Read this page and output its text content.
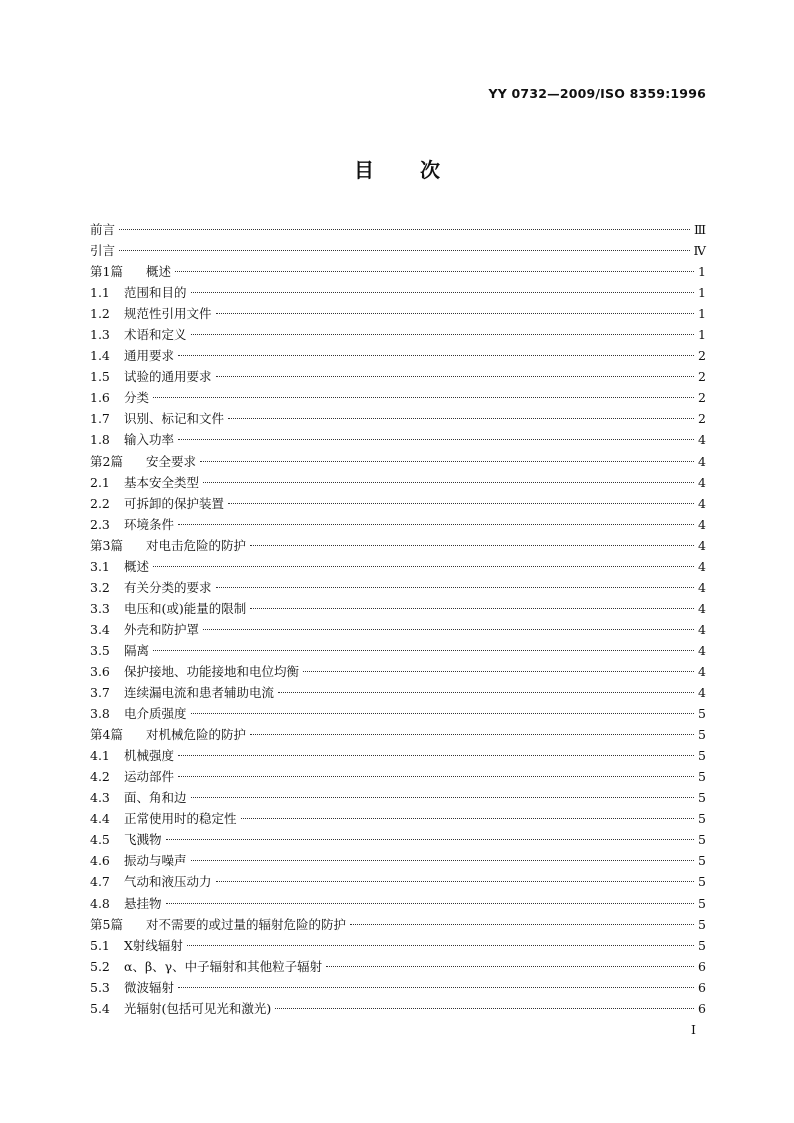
YY 0732—2009/ISO 8359:1996
目次
前言	Ⅲ
引言	Ⅳ
第1篇	概述	1
1.1	范围和目的	1
1.2	规范性引用文件	1
1.3	术语和定义	1
1.4	通用要求	2
1.5	试验的通用要求	2
1.6	分类	2
1.7	识别、标记和文件	2
1.8	输入功率	4
第2篇	安全要求	4
2.1	基本安全类型	4
2.2	可拆卸的保护装置	4
2.3	环境条件	4
第3篇	对电击危险的防护	4
3.1	概述	4
3.2	有关分类的要求	4
3.3	电压和(或)能量的限制	4
3.4	外壳和防护罩	4
3.5	隔离	4
3.6	保护接地、功能接地和电位均衡	4
3.7	连续漏电流和患者辅助电流	4
3.8	电介质强度	5
第4篇	对机械危险的防护	5
4.1	机械强度	5
4.2	运动部件	5
4.3	面、角和边	5
4.4	正常使用时的稳定性	5
4.5	飞溅物	5
4.6	振动与噪声	5
4.7	气动和液压动力	5
4.8	悬挂物	5
第5篇	对不需要的或过量的辐射危险的防护	5
5.1	X射线辐射	5
5.2	α、β、γ、中子辐射和其他粒子辐射	6
5.3	微波辐射	6
5.4	光辐射(包括可见光和激光)	6
Ⅰ
